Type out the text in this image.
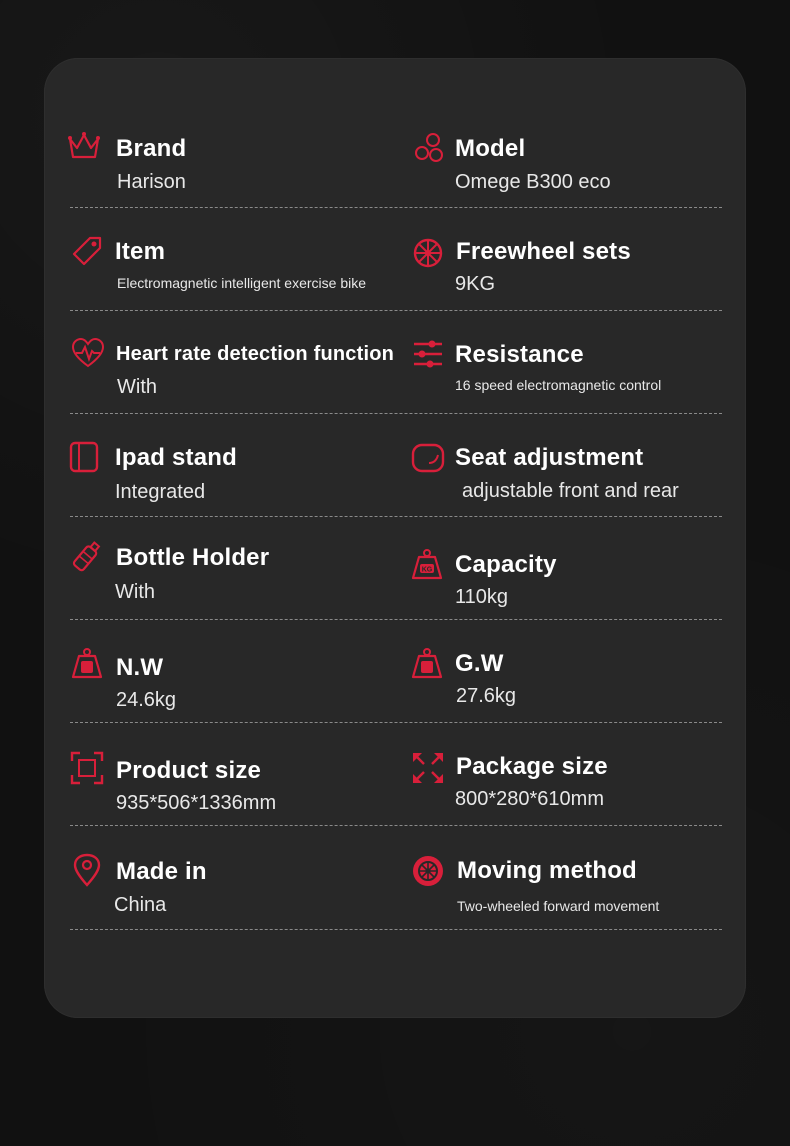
Brand
Harison
Model
Omege B300 eco
Item
Electromagnetic intelligent exercise bike
Freewheel sets
9KG
Heart rate detection function
With
Resistance
16 speed electromagnetic control
Ipad stand
Integrated
Seat adjustment
adjustable front and rear
Bottle Holder
With
KG Capacity
110kg
N.W
24.6kg
G.W
27.6kg
Product size
935*506*1336mm
Package size
800*280*610mm
Made in
China
Moving method
Two-wheeled forward movement
